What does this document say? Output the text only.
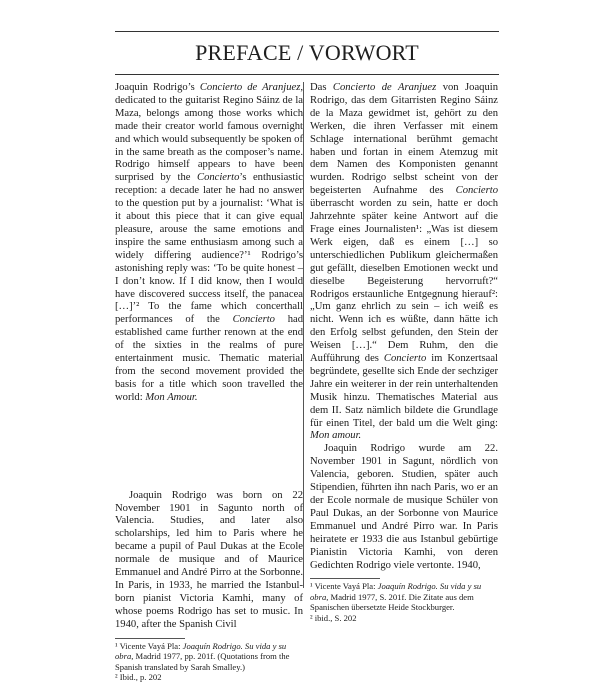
PREFACE / VORWORT

Joaquin Rodrigo’s Concierto de Aranjuez, dedicated to the guitarist Regino Sáinz de la Maza, belongs among those works which made their creator world famous overnight and which would subsequently be spoken of in the same breath as the composer’s name. Rodrigo himself appears to have been surprised by the Concierto’s enthusiastic reception: a decade later he had no answer to the question put by a journalist: ‘What is it about this piece that it can give equal pleasure, arouse the same emotions and inspire the same enthusiasm among such a widely differing audience?’¹ Rodrigo’s astonishing reply was: ‘To be quite honest – I don’t know. If I did know, then I would have discovered success itself, the panacea […]’² To the fame which concerthall performances of the Concierto had established came further renown at the end of the sixties in the realms of pure entertainment music. Thematic material from the second movement provided the basis for a title which soon travelled the world: Mon Amour.

Joaquin Rodrigo was born on 22 November 1901 in Sagunto north of Valencia. Studies, and later also scholarships, led him to Paris where he became a pupil of Paul Dukas at the Ecole normale de musique and of Maurice Emmanuel and André Pirro at the Sorbonne. In Paris, in 1933, he married the Istanbul-born pianist Victoria Kamhi, many of whose poems Rodrigo has set to music. In 1940, after the Spanish Civil

¹ Vicente Vayá Pla: Joaquín Rodrigo. Su vida y su obra, Madrid 1977, pp. 201f. (Quotations from the Spanish translated by Sarah Smalley.)

² Ibid., p. 202

Das Concierto de Aranjuez von Joaquin Rodrigo, das dem Gitarristen Regino Sáinz de la Maza gewidmet ist, gehört zu den Werken, die ihren Verfasser mit einem Schlage international berühmt gemacht haben und fortan in einem Atemzug mit dem Namen des Komponisten genannt wurden. Rodrigo selbst scheint von der begeisterten Aufnahme des Concierto überrascht worden zu sein, hatte er doch Jahrzehnte später keine Antwort auf die Frage eines Journalisten¹: „Was ist diesem Werk eigen, daß es einem […] so unterschiedlichen Publikum gleichermaßen gut gefällt, dieselben Emotionen weckt und dieselbe Begeisterung hervorruft?“ Rodrigos erstaunliche Entgegnung hierauf²: „Um ganz ehrlich zu sein – ich weiß es nicht. Wenn ich es wüßte, dann hätte ich den Erfolg selbst gefunden, den Stein der Weisen […].“ Dem Ruhm, den die Aufführung des Concierto im Konzertsaal begründete, gesellte sich Ende der sechziger Jahre ein weiterer in der rein unterhaltenden Musik hinzu. Thematisches Material aus dem II. Satz nämlich bildete die Grundlage für einen Titel, der bald um die Welt ging: Mon amour.

Joaquin Rodrigo wurde am 22. November 1901 in Sagunt, nördlich von Valencia, geboren. Studien, später auch Stipendien, führten ihn nach Paris, wo er an der Ecole normale de musique Schüler von Paul Dukas, an der Sorbonne von Maurice Emmanuel und André Pirro war. In Paris heiratete er 1933 die aus Istanbul gebürtige Pianistin Victoria Kamhi, von deren Gedichten Rodrigo viele vertonte. 1940,

¹ Vicente Vayá Pla: Joaquín Rodrigo. Su vida y su obra, Madrid 1977, S. 201f. Die Zitate aus dem Spanischen übersetzte Heide Stockburger.

² ibid., S. 202
